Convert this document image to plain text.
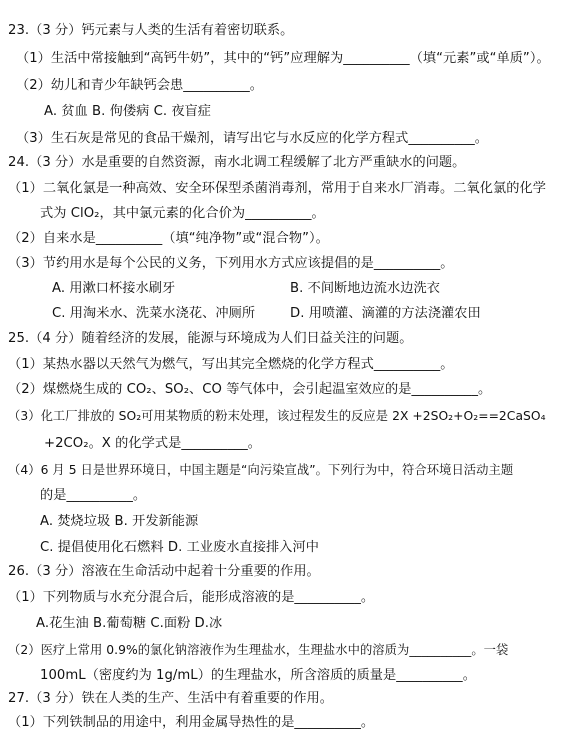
23.（3 分）钙元素与人类的生活有着密切联系。
（1）生活中常接触到“高钙牛奶”，其中的“钙”应理解为__________（填“元素”或“单质”）。
（2）幼儿和青少年缺钙会患__________。
A. 贫血 B. 佝偻病 C. 夜盲症
（3）生石灰是常见的食品干燥剂，请写出它与水反应的化学方程式__________。
24.（3 分）水是重要的自然资源，南水北调工程缓解了北方严重缺水的问题。
（1）二氧化氯是一种高效、安全环保型杀菌消毒剂，常用于自来水厂消毒。二氧化氯的化学
式为 ClO₂，其中氯元素的化合价为__________。
（2）自来水是__________（填“纯净物”或“混合物”）。
（3）节约用水是每个公民的义务，下列用水方式应该提倡的是__________。
A. 用漱口杯接水刷牙	B. 不间断地边流水边洗衣
C. 用淘米水、洗菜水浇花、冲厕所	D. 用喷灌、滴灌的方法浇灌农田
25.（4 分）随着经济的发展，能源与环境成为人们日益关注的问题。
（1）某热水器以天然气为燃气，写出其完全燃烧的化学方程式__________。
（2）煤燃烧生成的 CO₂、SO₂、CO 等气体中，会引起温室效应的是__________。
（3）化工厂排放的 SO₂可用某物质的粉末处理，该过程发生的反应是 2X +2SO₂+O₂==2CaSO₄
+2CO₂。X 的化学式是__________。
（4）6 月 5 日是世界环境日，中国主题是“向污染宣战”。下列行为中，符合环境日活动主题
的是__________。
A. 焚烧垃圾 B. 开发新能源
C. 提倡使用化石燃料 D. 工业废水直接排入河中
26.（3 分）溶液在生命活动中起着十分重要的作用。
（1）下列物质与水充分混合后，能形成溶液的是__________。
A.花生油 B.葡萄糖 C.面粉 D.冰
（2）医疗上常用 0.9%的氯化钠溶液作为生理盐水，生理盐水中的溶质为__________。一袋
100mL（密度约为 1g/mL）的生理盐水，所含溶质的质量是__________。
27.（3 分）铁在人类的生产、生活中有着重要的作用。
（1）下列铁制品的用途中，利用金属导热性的是__________。
